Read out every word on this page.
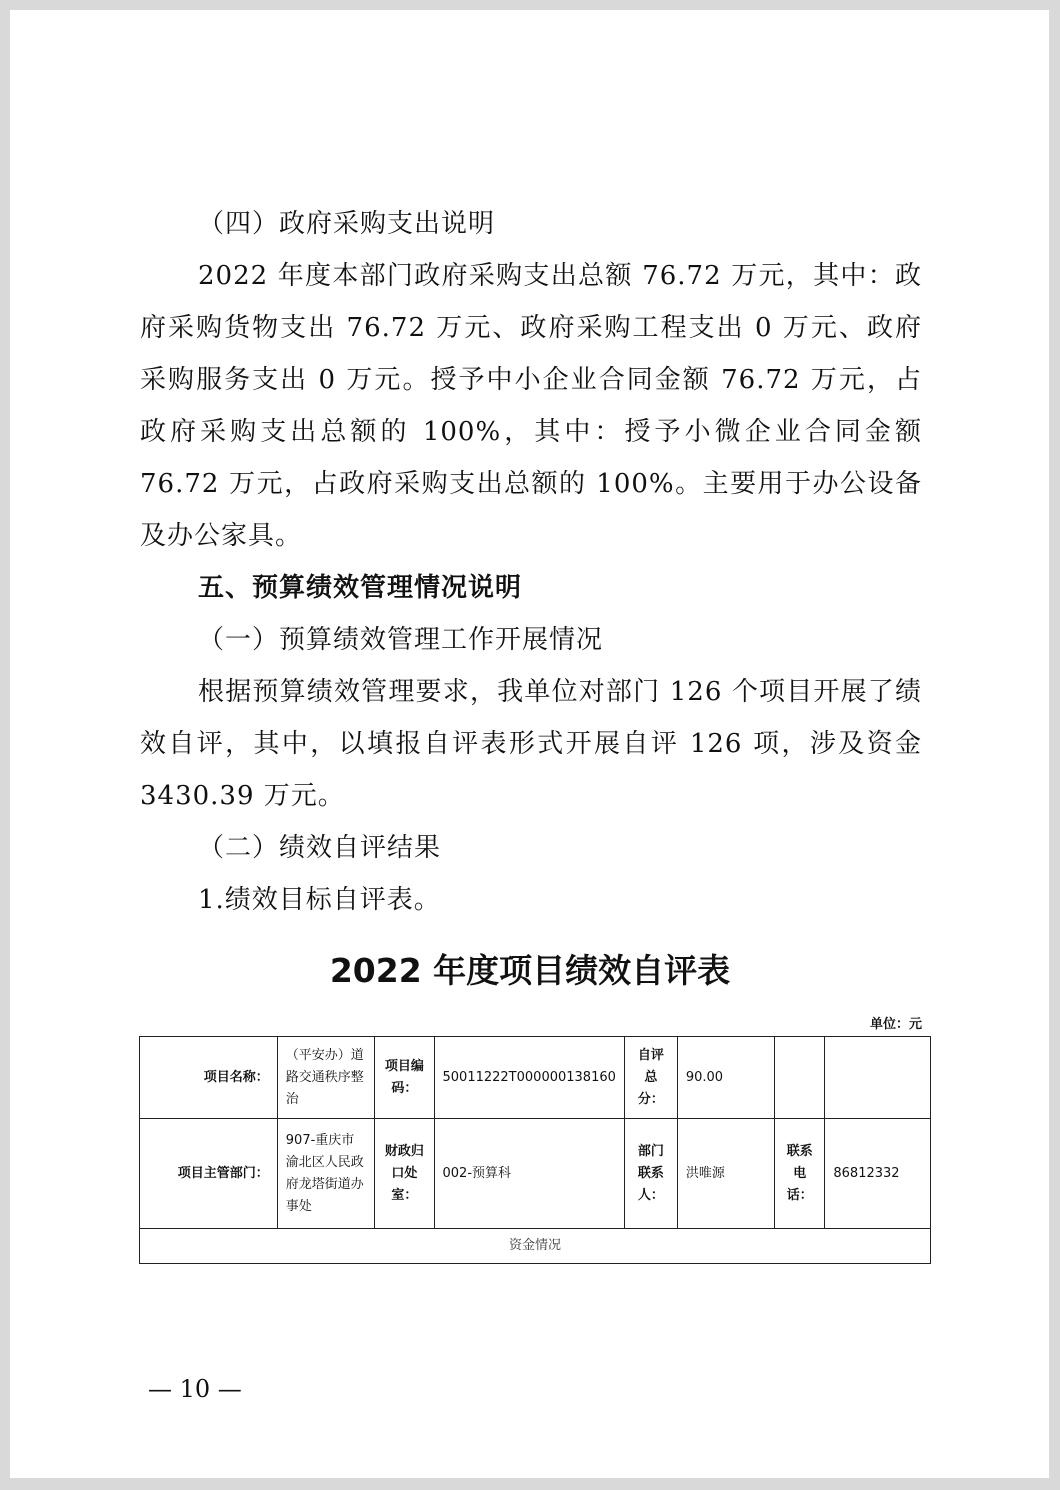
（四）政府采购支出说明

2022 年度本部门政府采购支出总额 76.72 万元，其中：政府采购货物支出 76.72 万元、政府采购工程支出 0 万元、政府采购服务支出 0 万元。授予中小企业合同金额 76.72 万元，占政府采购支出总额的 100%，其中：授予小微企业合同金额 76.72 万元，占政府采购支出总额的 100%。主要用于办公设备及办公家具。

五、预算绩效管理情况说明

（一）预算绩效管理工作开展情况

根据预算绩效管理要求，我单位对部门 126 个项目开展了绩效自评，其中，以填报自评表形式开展自评 126 项，涉及资金 3430.39 万元。

（二）绩效自评结果

1.绩效目标自评表。

2022 年度项目绩效自评表
单位：元
项目名称：	（平安办）道路交通秩序整治	项目编码：	50011222T000000138160	自评总分：	90.00		
项目主管部门：	907-重庆市渝北区人民政府龙塔街道办事处	财政归口处室：	002-预算科	部门联系人：	洪唯源	联系电话：	86812332
资金情况							
— 10 —
